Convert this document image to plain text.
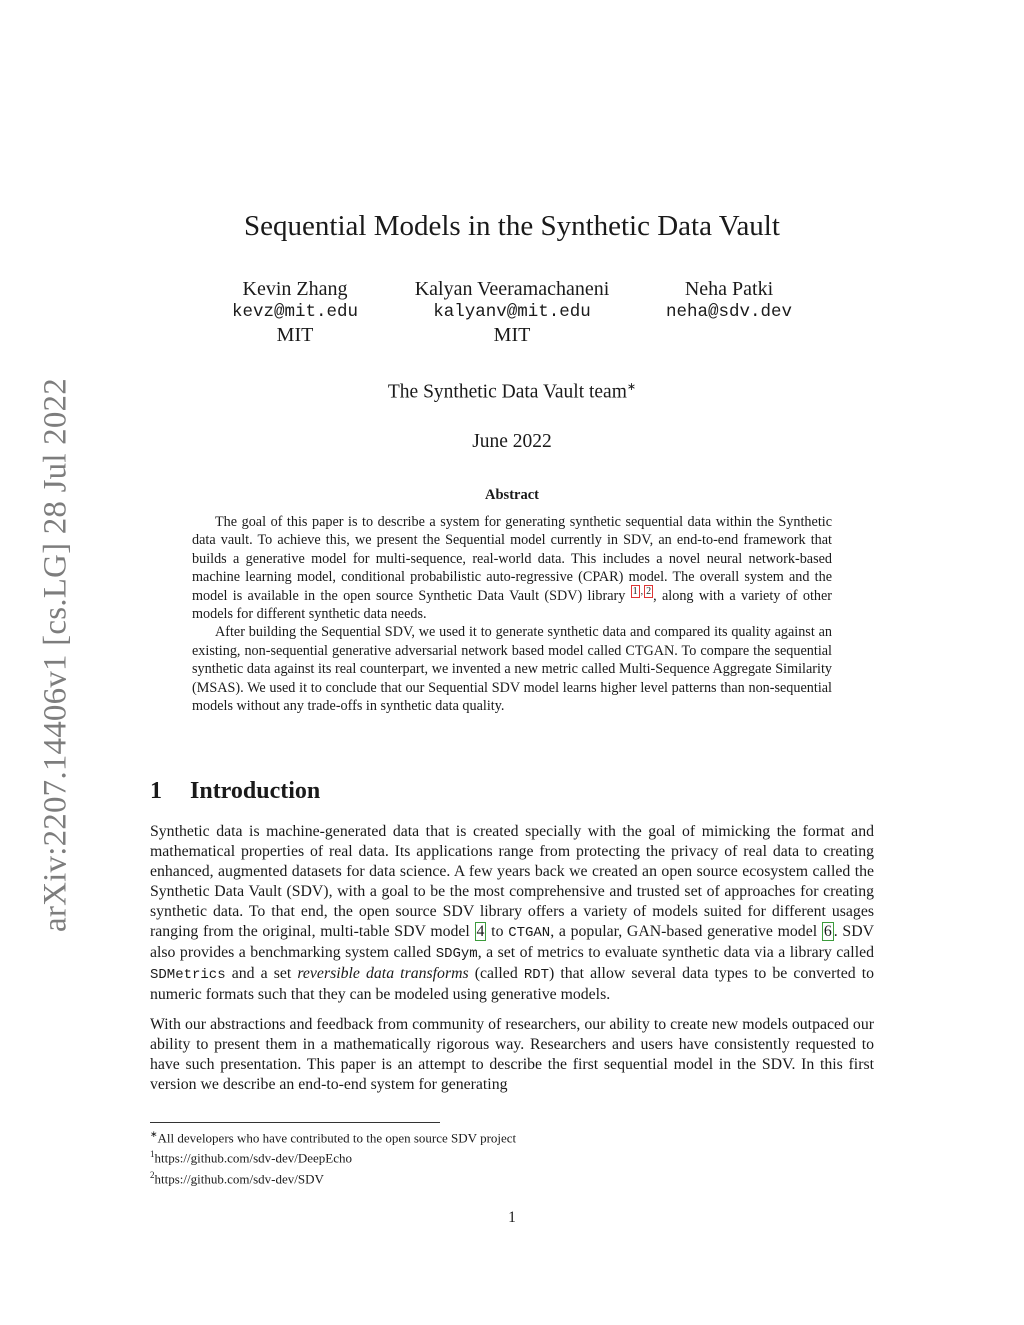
arXiv:2207.14406v1 [cs.LG] 28 Jul 2022
Sequential Models in the Synthetic Data Vault
Kevin Zhang
kevz@mit.edu
MIT
Kalyan Veeramachaneni
kalyanv@mit.edu
MIT
Neha Patki
neha@sdv.dev
The Synthetic Data Vault team∗
June 2022
Abstract

The goal of this paper is to describe a system for generating synthetic sequential data within the Synthetic data vault. To achieve this, we present the Sequential model currently in SDV, an end-to-end framework that builds a generative model for multi-sequence, real-world data. This includes a novel neural network-based machine learning model, conditional probabilistic auto-regressive (CPAR) model. The overall system and the model is available in the open source Synthetic Data Vault (SDV) library $^1$ , $^2$ , along with a variety of other models for different synthetic data needs.

After building the Sequential SDV, we used it to generate synthetic data and compared its quality against an existing, non-sequential generative adversarial network based model called CTGAN. To compare the sequential synthetic data against its real counterpart, we invented a new metric called Multi-Sequence Aggregate Similarity (MSAS). We used it to conclude that our Sequential SDV model learns higher level patterns than non-sequential models without any trade-offs in synthetic data quality.

1 Introduction

Synthetic data is machine-generated data that is created specially with the goal of mimicking the format and mathematical properties of real data. Its applications range from protecting the privacy of real data to creating enhanced, augmented datasets for data science. A few years back we created an open source ecosystem called the Synthetic Data Vault (SDV), with a goal to be the most comprehensive and trusted set of approaches for creating synthetic data. To that end, the open source SDV library offers a variety of models suited for different usages ranging from the original, multi-table SDV model 4 to CTGAN, a popular, GAN-based generative model 6 . SDV also provides a benchmarking system called SDGym, a set of metrics to evaluate synthetic data via a library called SDMetrics and a set reversible data transforms (called RDT) that allow several data types to be converted to numeric formats such that they can be modeled using generative models.

With our abstractions and feedback from community of researchers, our ability to create new models outpaced our ability to present them in a mathematically rigorous way. Researchers and users have consistently requested to have such presentation. This paper is an attempt to describe the first sequential model in the SDV. In this first version we describe an end-to-end system for generating

∗All developers who have contributed to the open source SDV project
$^1$https://github.com/sdv-dev/DeepEcho
$^2$https://github.com/sdv-dev/SDV
1
